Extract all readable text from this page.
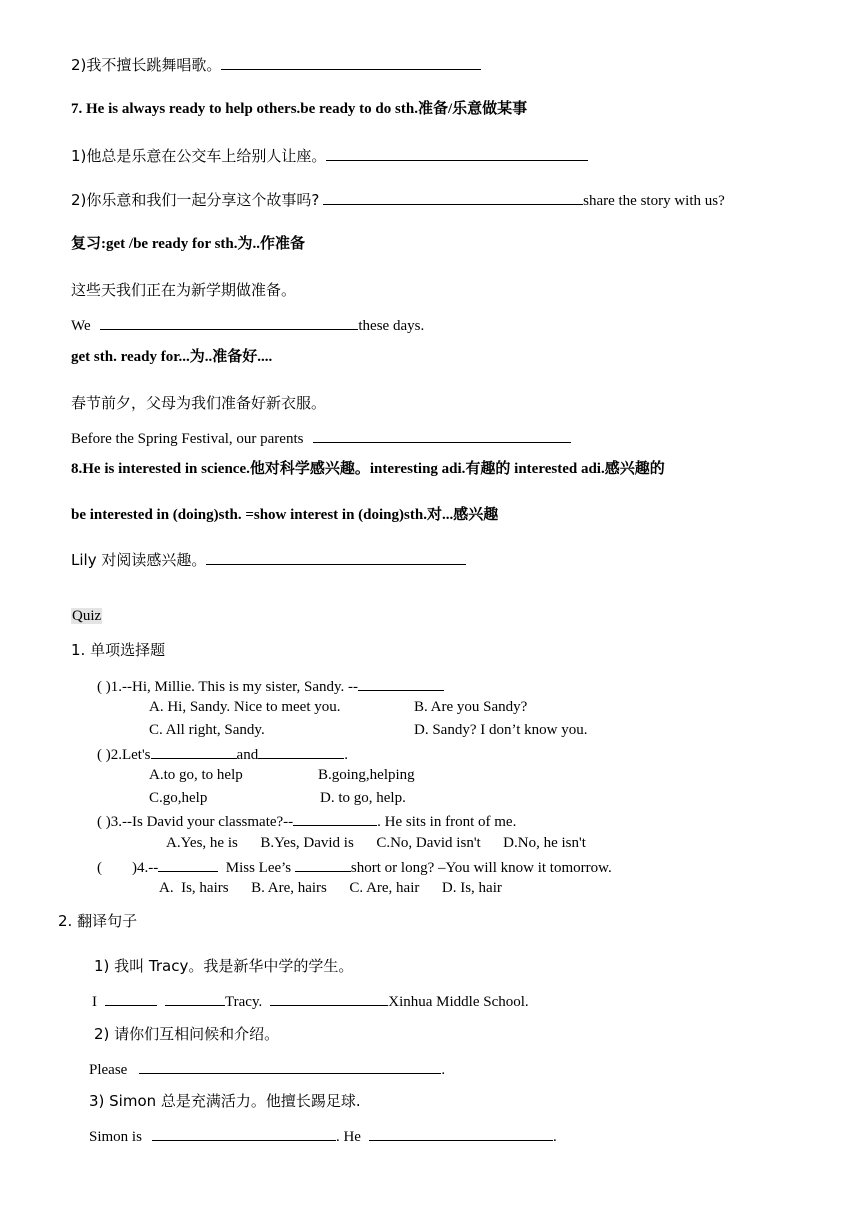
2)我不擅长跳舞唱歌。
7. He is always ready to help others.be ready to do sth.准备/乐意做某事
1)他总是乐意在公交车上给别人让座。
2)你乐意和我们一起分享这个故事吗?	share the story with us?
复习:get /be ready for sth.为..作准备
这些天我们正在为新学期做准备。
We	these days.
get sth. ready for...为..准备好....
春节前夕，父母为我们准备好新衣服。
Before the Spring Festival, our parents
8.He is interested in science.他对科学感兴趣。interesting adi.有趣的 interested adi.感兴趣的
be interested in (doing)sth. =show interest in (doing)sth.对...感兴趣
Lily 对阅读感兴趣。
Quiz
1. 单项选择题
( )1.--Hi, Millie. This is my sister, Sandy. --
A. Hi, Sandy. Nice to meet you.	B. Are you Sandy?
C. All right, Sandy.	D. Sandy? I don’t know you.
( )2.Let's	and	.
A.to go, to help	B.going,helping
C.go,help	D. to go, help.
( )3.--Is David your classmate?--	. He sits in front of me.
A.Yes, he is      B.Yes, David is      C.No, David isn't      D.No, he isn't
(        )4.--	Miss Lee’s	short or long? –You will know it tomorrow.
A.  Is, hairs      B. Are, hairs      C. Are, hair      D. Is, hair
2. 翻译句子
1) 我叫 Tracy。我是新华中学的学生。
I	Tracy.	Xinhua Middle School.
2) 请你们互相问候和介绍。
Please	.
3) Simon 总是充满活力。他擅长踢足球.
Simon is	. He	.
